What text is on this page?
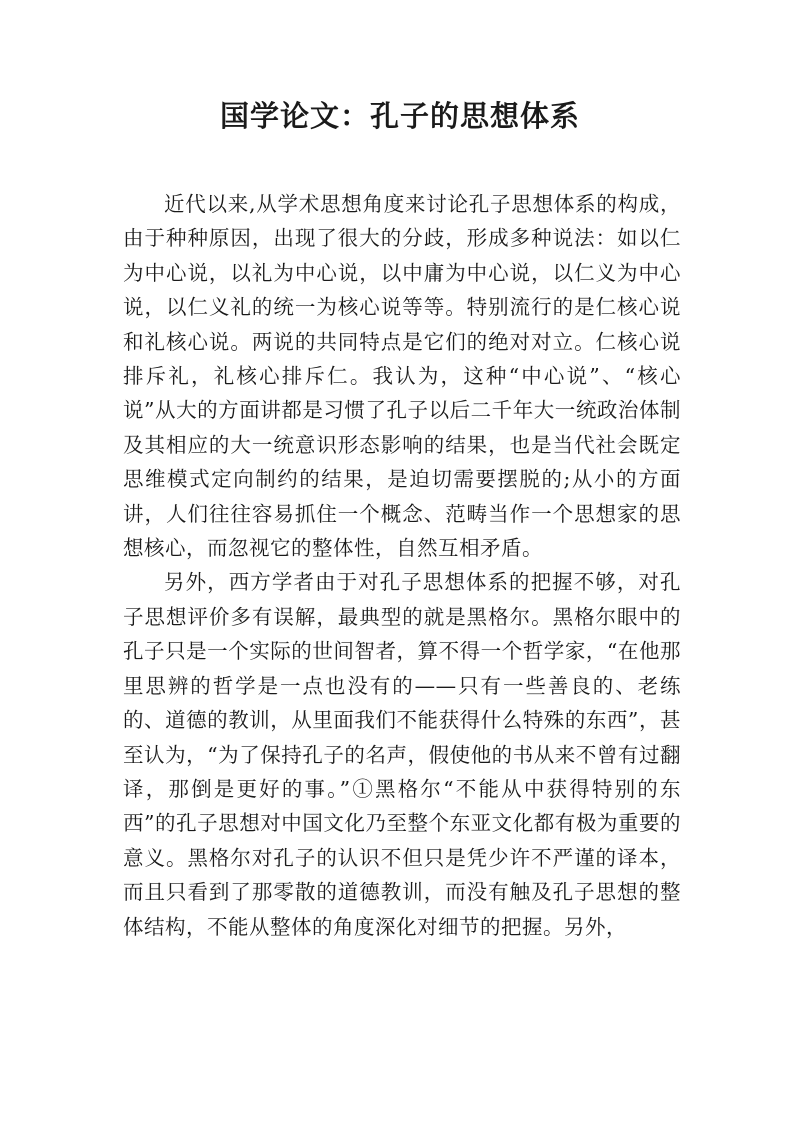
国学论文：孔子的思想体系

近代以来,从学术思想角度来讨论孔子思想体系的构成，由于种种原因，出现了很大的分歧，形成多种说法：如以仁为中心说，以礼为中心说，以中庸为中心说，以仁义为中心说，以仁义礼的统一为核心说等等。特别流行的是仁核心说和礼核心说。两说的共同特点是它们的绝对对立。仁核心说排斥礼，礼核心排斥仁。我认为，这种“中心说”、“核心说”从大的方面讲都是习惯了孔子以后二千年大一统政治体制及其相应的大一统意识形态影响的结果，也是当代社会既定思维模式定向制约的结果，是迫切需要摆脱的;从小的方面讲，人们往往容易抓住一个概念、范畴当作一个思想家的思想核心，而忽视它的整体性，自然互相矛盾。

另外，西方学者由于对孔子思想体系的把握不够，对孔子思想评价多有误解，最典型的就是黑格尔。黑格尔眼中的孔子只是一个实际的世间智者，算不得一个哲学家，“在他那里思辨的哲学是一点也没有的——只有一些善良的、老练的、道德的教训，从里面我们不能获得什么特殊的东西”，甚至认为，“为了保持孔子的名声，假使他的书从来不曾有过翻译，那倒是更好的事。”①黑格尔“不能从中获得特别的东西”的孔子思想对中国文化乃至整个东亚文化都有极为重要的意义。黑格尔对孔子的认识不但只是凭少许不严谨的译本，而且只看到了那零散的道德教训，而没有触及孔子思想的整体结构，不能从整体的角度深化对细节的把握。另外，
